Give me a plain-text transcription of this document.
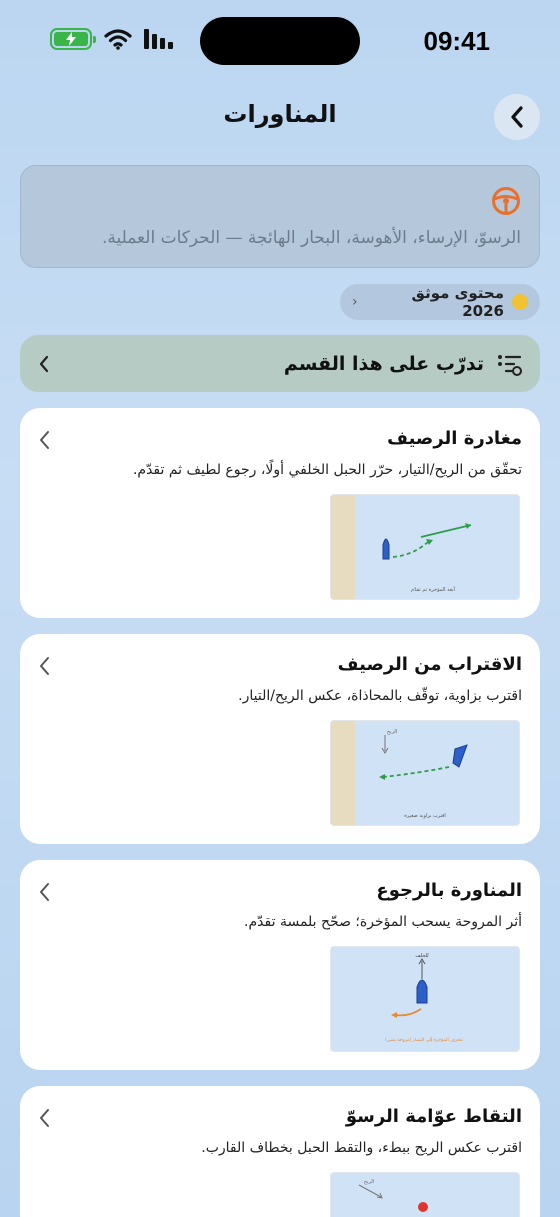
09:41
المناورات
الرسوّ، الإرساء، الأهوسة، البحار الهائجة — الحركات العملية.
محتوى موثق 2026
‹
تدرّب على هذا القسم
مغادرة الرصيف
تحقّق من الريح/التيار، حرّر الحبل الخلفي أولًا، رجوع لطيف ثم تقدّم.
أبعد المؤخرة ثم تقدّم
الاقتراب من الرصيف
اقترب بزاوية، توقّف بالمحاذاة، عكس الريح/التيار.
الريح
اقترب بزاوية صغيرة
المناورة بالرجوع
أثر المروحة يسحب المؤخرة؛ صحّح بلمسة تقدّم.
للخلف
تنحرف المؤخرة إلى اليسار (مروحة يمنى)
التقاط عوّامة الرسوّ
اقترب عكس الريح ببطء، والتقط الحبل بخطاف القارب.
الريح
